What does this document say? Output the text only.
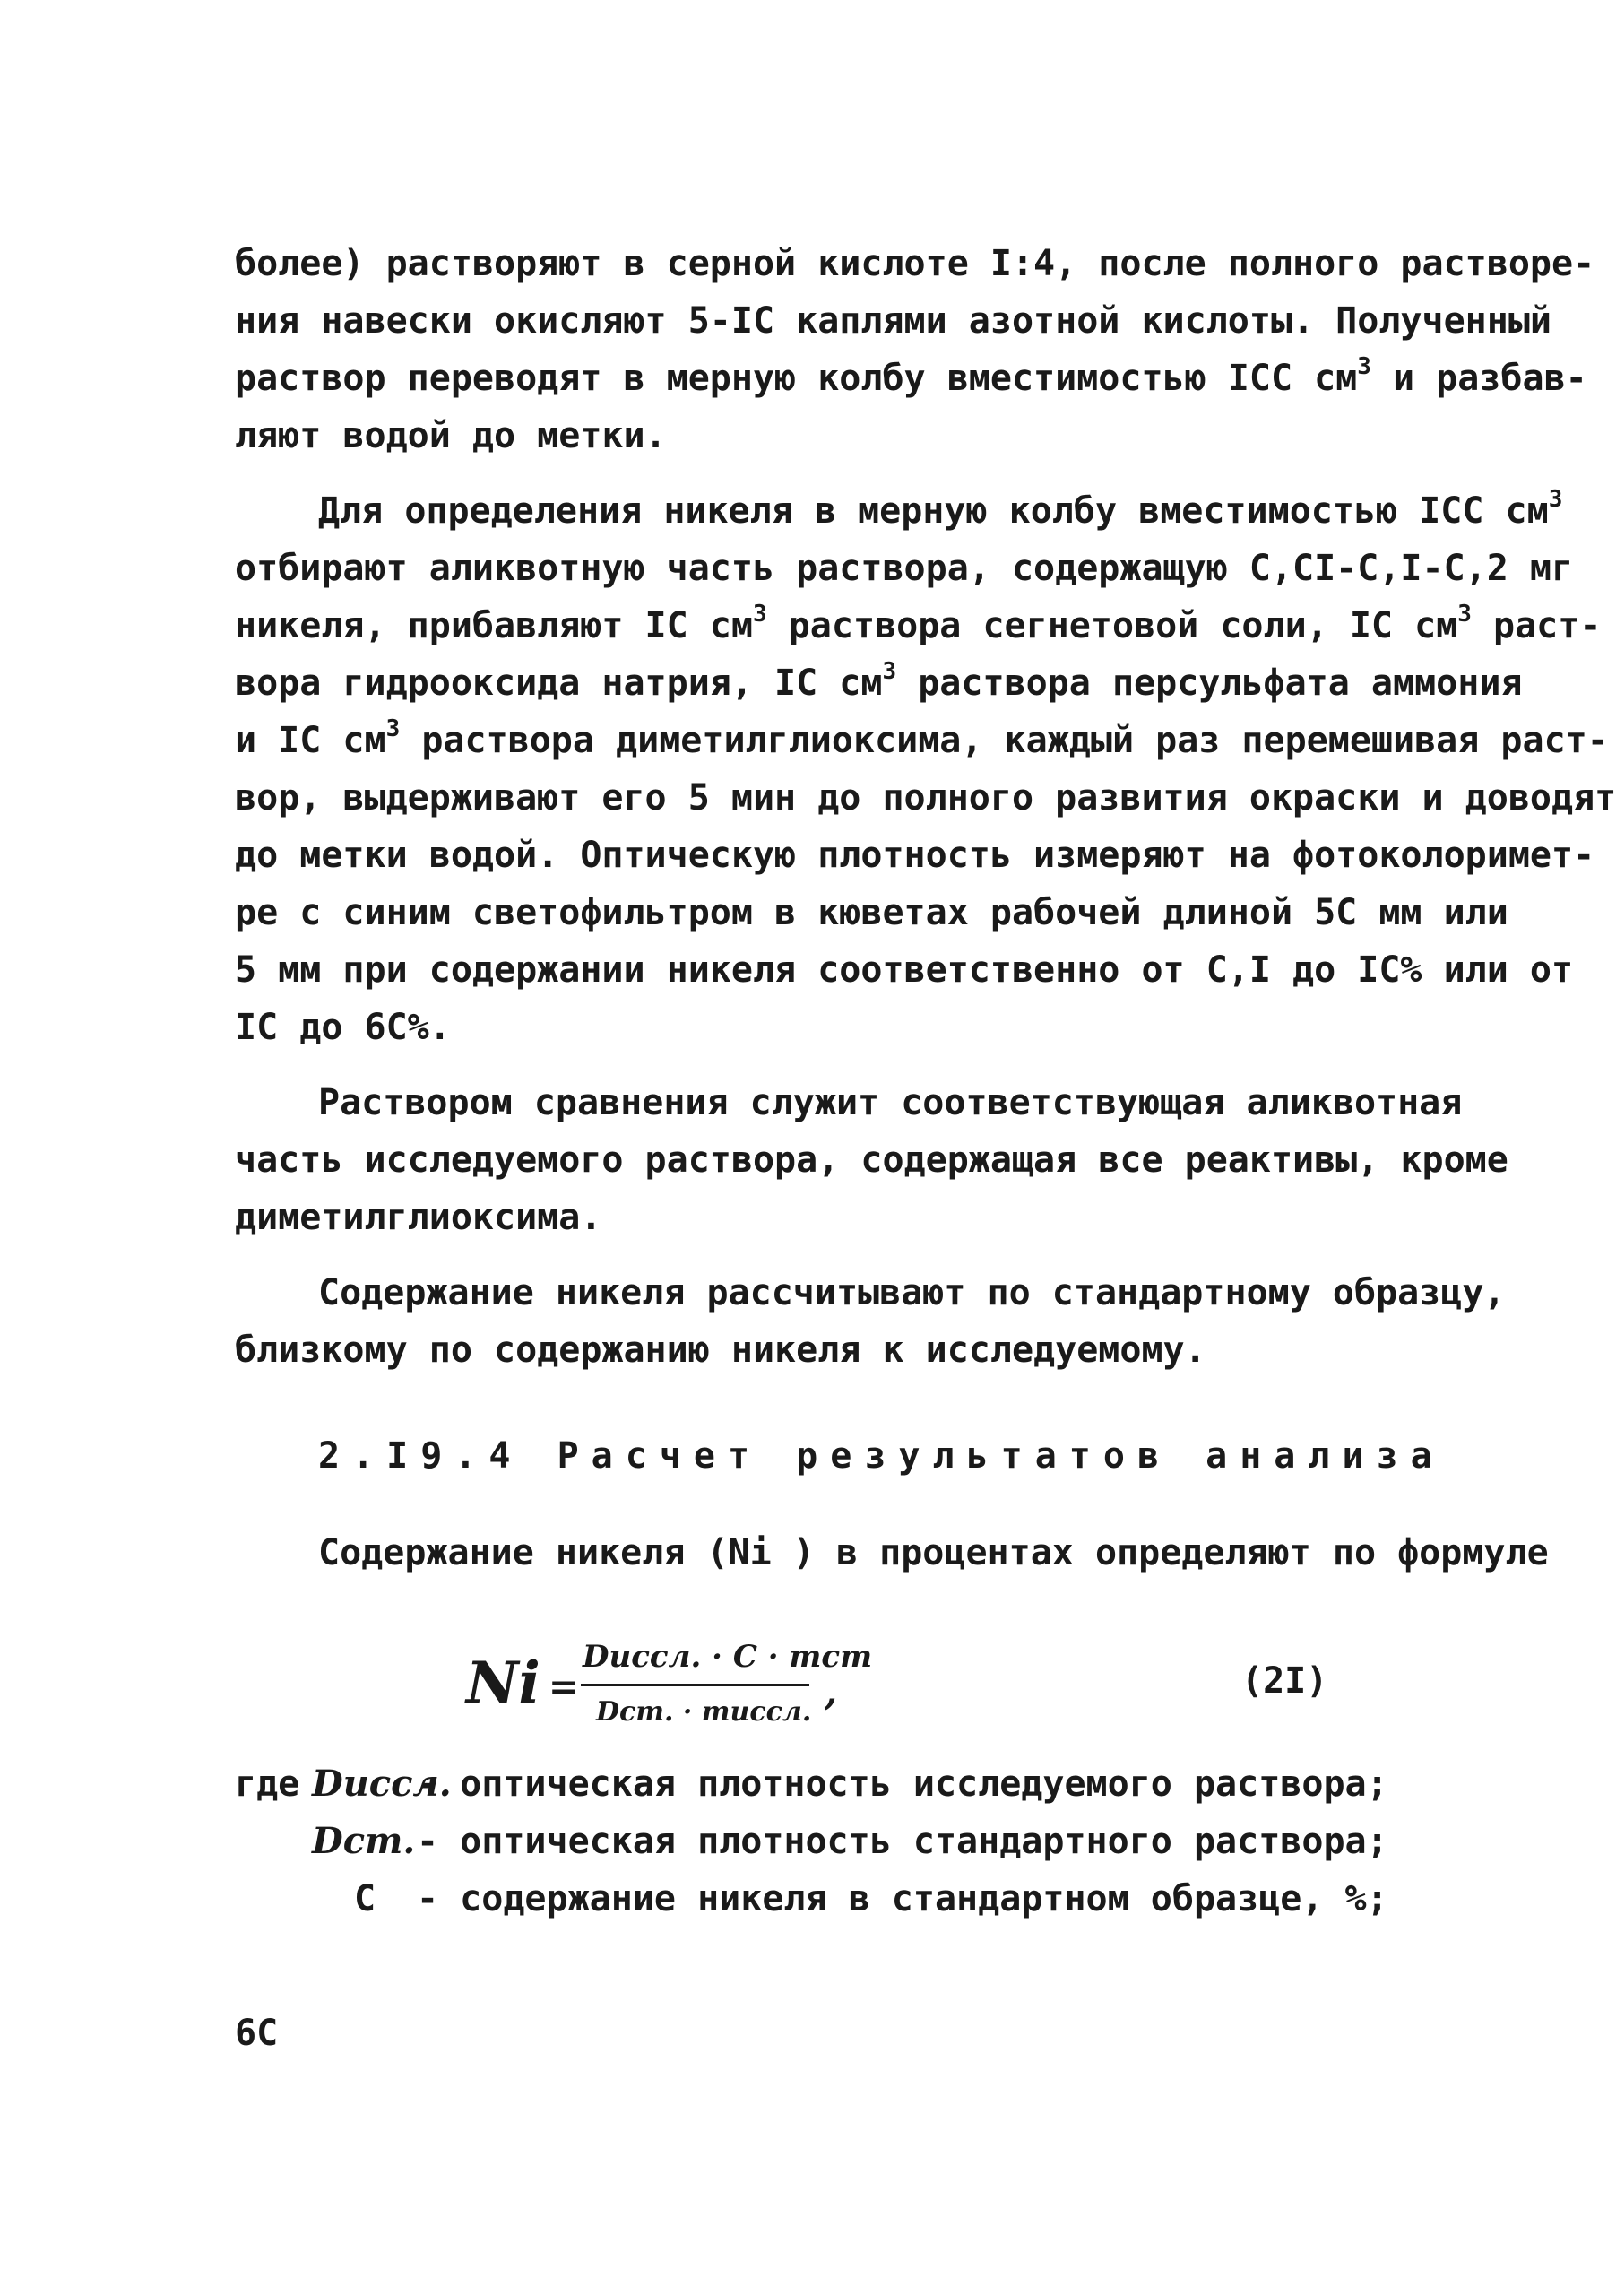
более) растворяют в серной кислоте I:4, после полного растворе-
ния навески окисляют 5-IC каплями азотной кислоты. Полученный
раствор переводят в мерную колбу вместимостью IСС $см^3$ и разбав-
ляют водой до метки.
Для определения никеля в мерную колбу вместимостью IСС $см^3$
отбирают аликвотную часть раствора, содержащую С,СI-С,I-С,2 мг
никеля, прибавляют IС $см^3$ раствора сегнетовой соли, IС $см^3$ раст-
вора гидрооксида натрия, IС $см^3$ раствора персульфата аммония
и IС $см^3$ раствора диметилглиоксима, каждый раз перемешивая раст-
вор, выдерживают его 5 мин до полного развития окраски и доводят
до метки водой. Оптическую плотность измеряют на фотоколоримет-
ре с синим светофильтром в кюветах рабочей длиной 5С мм или
5 мм при содержании никеля соответственно от С,I до IС% или от
IС до 6С%.
Раствором сравнения служит соответствующая аликвотная
часть исследуемого раствора, содержащая все реактивы, кроме
диметилглиоксима.
Содержание никеля рассчитывают по стандартному образцу,
близкому по содержанию никеля к исследуемому.
2.I9.4 Расчет результатов анализа
Содержание никеля (Ni ) в процентах определяют по формуле
Ni =
Dиссл. · C · mст
Dст. · mиссл. ,	(2I)
где Dиссл.
- оптическая плотность исследуемого раствора;
Dст. - оптическая плотность стандартного раствора;
С - содержание никеля в стандартном образце, %;
6С
